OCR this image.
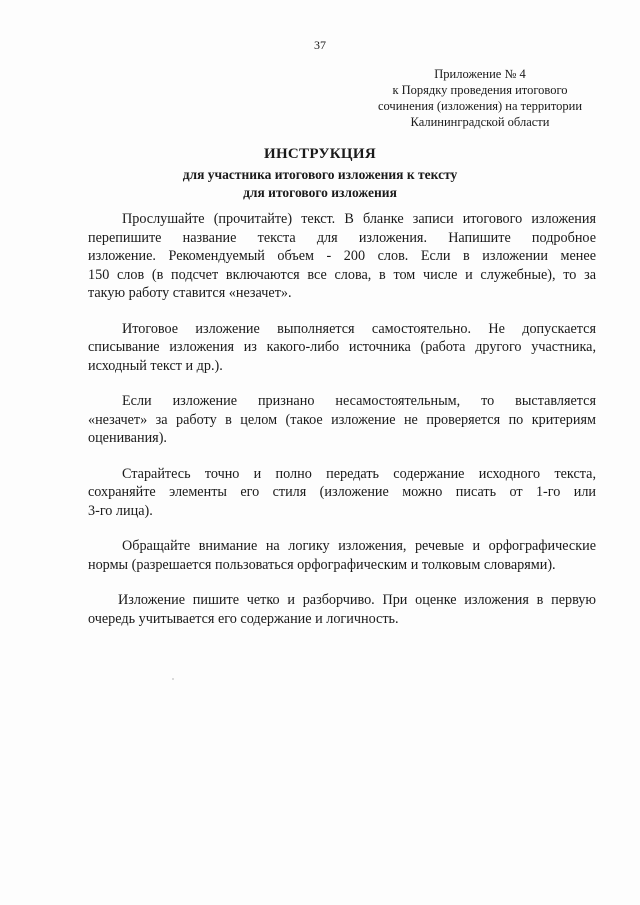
37
Приложение № 4
к Порядку проведения итогового
сочинения (изложения) на территории
Калининградской области
ИНСТРУКЦИЯ
для участника итогового изложения к тексту
для итогового изложения
Прослушайте (прочитайте) текст. В бланке записи итогового изложения
перепишите название текста для изложения. Напишите подробное
изложение. Рекомендуемый объем - 200 слов. Если в изложении менее
150 слов (в подсчет включаются все слова, в том числе и служебные), то за
такую работу ставится «незачет».
Итоговое изложение выполняется самостоятельно. Не допускается
списывание изложения из какого-либо источника (работа другого участника,
исходный текст и др.).
Если изложение признано несамостоятельным, то выставляется
«незачет» за работу в целом (такое изложение не проверяется по критериям
оценивания).
Старайтесь точно и полно передать содержание исходного текста,
сохраняйте элементы его стиля (изложение можно писать от 1-го или
3-го лица).
Обращайте внимание на логику изложения, речевые и орфографические
нормы (разрешается пользоваться орфографическим и толковым словарями).
Изложение пишите четко и разборчиво. При оценке изложения в первую
очередь учитывается его содержание и логичность.
